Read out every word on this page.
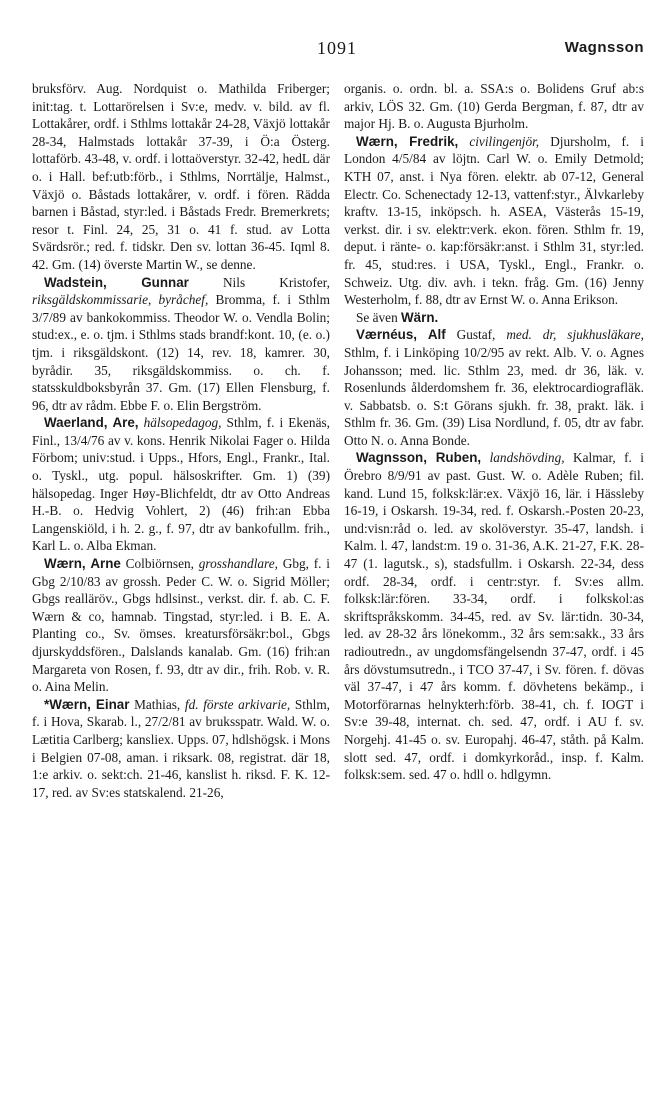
1091	Wagnsson

bruksförv. Aug. Nordquist o. Mathilda Friberger; init:tag. t. Lottarörelsen i Sv:e, medv. v. bild. av fl. Lottakårer, ordf. i Sthlms lottakår 24-28, Växjö lottakår 28-34, Halmstads lottakår 37-39, i Ö:a Österg. lottaförb. 43-48, v. ordf. i lottaöverstyr. 32-42, hedL där o. i Hall. bef:utb:förb., i Sthlms, Norrtälje, Halmst., Växjö o. Båstads lottakårer, v. ordf. i fören. Rädda barnen i Båstad, styr:led. i Båstads Fredr. Bremerkrets; resor t. Finl. 24, 25, 31 o. 41 f. stud. av Lotta Svärdsrör.; red. f. tidskr. Den sv. lottan 36-45. Iqml 8. 42. Gm. (14) överste Martin W., se denne.

Wadstein, Gunnar Nils Kristofer, riksgäldskommissarie, byråchef, Bromma, f. i Sthlm 3/7/89 av bankokommiss. Theodor W. o. Vendla Bolin; stud:ex., e. o. tjm. i Sthlms stads brandf:kont. 10, (e. o.) tjm. i riksgäldskont. (12) 14, rev. 18, kamrer. 30, byrådir. 35, riksgäldskommiss. o. ch. f. statsskuldboksbyrån 37. Gm. (17) Ellen Flensburg, f. 96, dtr av rådm. Ebbe F. o. Elin Bergström.

Waerland, Are, hälsopedagog, Sthlm, f. i Ekenäs, Finl., 13/4/76 av v. kons. Henrik Nikolai Fager o. Hilda Förbom; univ:stud. i Upps., Hfors, Engl., Frankr., Ital. o. Tyskl., utg. popul. hälsoskrifter. Gm. 1) (39) hälsopedag. Inger Høy-Blichfeldt, dtr av Otto Andreas H.-B. o. Hedvig Vohlert, 2) (46) frih:an Ebba Langenskiöld, i h. 2. g., f. 97, dtr av bankofullm. frih., Karl L. o. Alba Ekman.

Wærn, Arne Colbiörnsen, grosshandlare, Gbg, f. i Gbg 2/10/83 av grossh. Peder C. W. o. Sigrid Möller; Gbgs realläröv., Gbgs hdlsinst., verkst. dir. f. ab. C. F. Wærn & co, hamnab. Tingstad, styr:led. i B. E. A. Planting co., Sv. ömses. kreatursförsäkr:bol., Gbgs djurskyddsfören., Dalslands kanalab. Gm. (16) frih:an Margareta von Rosen, f. 93, dtr av dir., frih. Rob. v. R. o. Aina Melin.

*Wærn, Einar Mathias, fd. förste arkivarie, Sthlm, f. i Hova, Skarab. l., 27/2/81 av bruksspatr. Wald. W. o. Lætitia Carlberg; kansliex. Upps. 07, hdlshögsk. i Mons i Belgien 07-08, aman. i riksark. 08, registrat. där 18, 1:e arkiv. o. sekt:ch. 21-46, kanslist h. riksd. F. K. 12-17, red. av Sv:es statskalend. 21-26,

organis. o. ordn. bl. a. SSA:s o. Bolidens Gruf ab:s arkiv, LÖS 32. Gm. (10) Gerda Bergman, f. 87, dtr av major Hj. B. o. Augusta Bjurholm.

Wærn, Fredrik, civilingenjör, Djursholm, f. i London 4/5/84 av löjtn. Carl W. o. Emily Detmold; KTH 07, anst. i Nya fören. elektr. ab 07-12, General Electr. Co. Schenectady 12-13, vattenf:styr., Älvkarleby kraftv. 13-15, inköpsch. h. ASEA, Västerås 15-19, verkst. dir. i sv. elektr:verk. ekon. fören. Sthlm fr. 19, deput. i ränte- o. kap:försäkr:anst. i Sthlm 31, styr:led. fr. 45, stud:res. i USA, Tyskl., Engl., Frankr. o. Schweiz. Utg. div. avh. i tekn. fråg. Gm. (16) Jenny Westerholm, f. 88, dtr av Ernst W. o. Anna Erikson.

Se även Wärn.

Værnéus, Alf Gustaf, med. dr, sjukhusläkare, Sthlm, f. i Linköping 10/2/95 av rekt. Alb. V. o. Agnes Johansson; med. lic. Sthlm 23, med. dr 36, läk. v. Rosenlunds ålderdomshem fr. 36, elektrocardiografläk. v. Sabbatsb. o. S:t Görans sjukh. fr. 38, prakt. läk. i Sthlm fr. 36. Gm. (39) Lisa Nordlund, f. 05, dtr av fabr. Otto N. o. Anna Bonde.

Wagnsson, Ruben, landshövding, Kalmar, f. i Örebro 8/9/91 av past. Gust. W. o. Adèle Ruben; fil. kand. Lund 15, folksk:lär:ex. Växjö 16, lär. i Hässleby 16-19, i Oskarsh. 19-34, red. f. Oskarsh.-Posten 20-23, und:visn:råd o. led. av skolöverstyr. 35-47, landsh. i Kalm. l. 47, landst:m. 19 o. 31-36, A.K. 21-27, F.K. 28-47 (1. lagutsk., s), stadsfullm. i Oskarsh. 22-34, dess ordf. 28-34, ordf. i centr:styr. f. Sv:es allm. folksk:lär:fören. 33-34, ordf. i folkskol:as skriftspråkskomm. 34-45, red. av Sv. lär:tidn. 30-34, led. av 28-32 års lönekomm., 32 års sem:sakk., 33 års radioutredn., av ungdomsfängelsendn 37-47, ordf. i 45 års dövstumsutredn., i TCO 37-47, i Sv. fören. f. dövas väl 37-47, i 47 års komm. f. dövhetens bekämp., i Motorförarnas helnykterh:förb. 38-41, ch. f. IOGT i Sv:e 39-48, internat. ch. sed. 47, ordf. i AU f. sv. Norgehj. 41-45 o. sv. Europahj. 46-47, ståth. på Kalm. slott sed. 47, ordf. i domkyrkoråd., insp. f. Kalm. folksk:sem. sed. 47 o. hdll o. hdlgymn.
